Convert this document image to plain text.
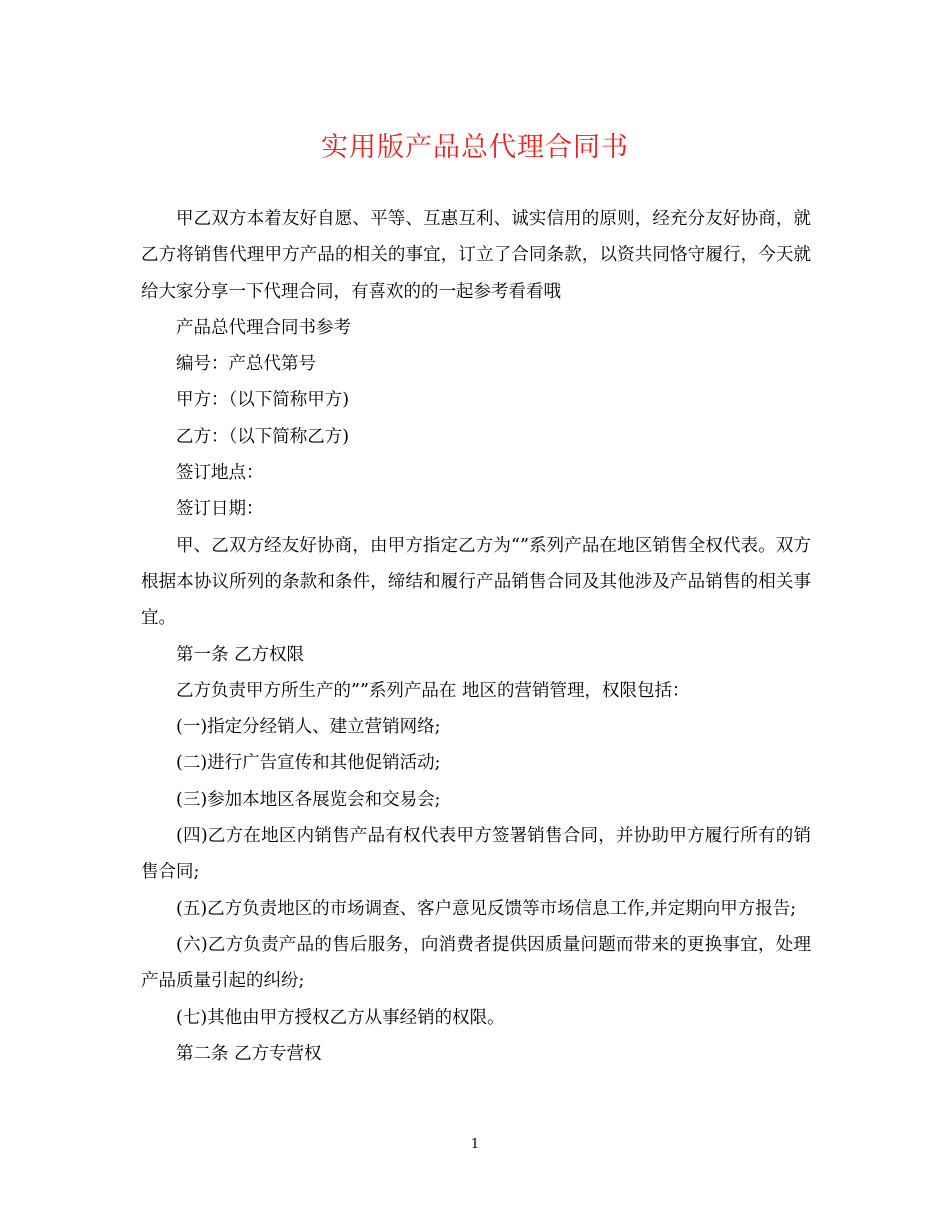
实用版产品总代理合同书

甲乙双方本着友好自愿、平等、互惠互利、诚实信用的原则，经充分友好协商，就乙方将销售代理甲方产品的相关的事宜，订立了合同条款，以资共同恪守履行，今天就给大家分享一下代理合同，有喜欢的的一起参考看看哦

产品总代理合同书参考

编号：产总代第号

甲方：（以下简称甲方)

乙方：（以下简称乙方)

签订地点：

签订日期：

甲、乙双方经友好协商，由甲方指定乙方为“”系列产品在地区销售全权代表。双方根据本协议所列的条款和条件，缔结和履行产品销售合同及其他涉及产品销售的相关事宜。

第一条 乙方权限

乙方负责甲方所生产的””系列产品在 地区的营销管理，权限包括：

(一)指定分经销人、建立营销网络;

(二)进行广告宣传和其他促销活动;

(三)参加本地区各展览会和交易会;

(四)乙方在地区内销售产品有权代表甲方签署销售合同，并协助甲方履行所有的销售合同;

(五)乙方负责地区的市场调查、客户意见反馈等市场信息工作,并定期向甲方报告;

(六)乙方负责产品的售后服务，向消费者提供因质量问题而带来的更换事宜，处理产品质量引起的纠纷;

(七)其他由甲方授权乙方从事经销的权限。

第二条 乙方专营权

1
